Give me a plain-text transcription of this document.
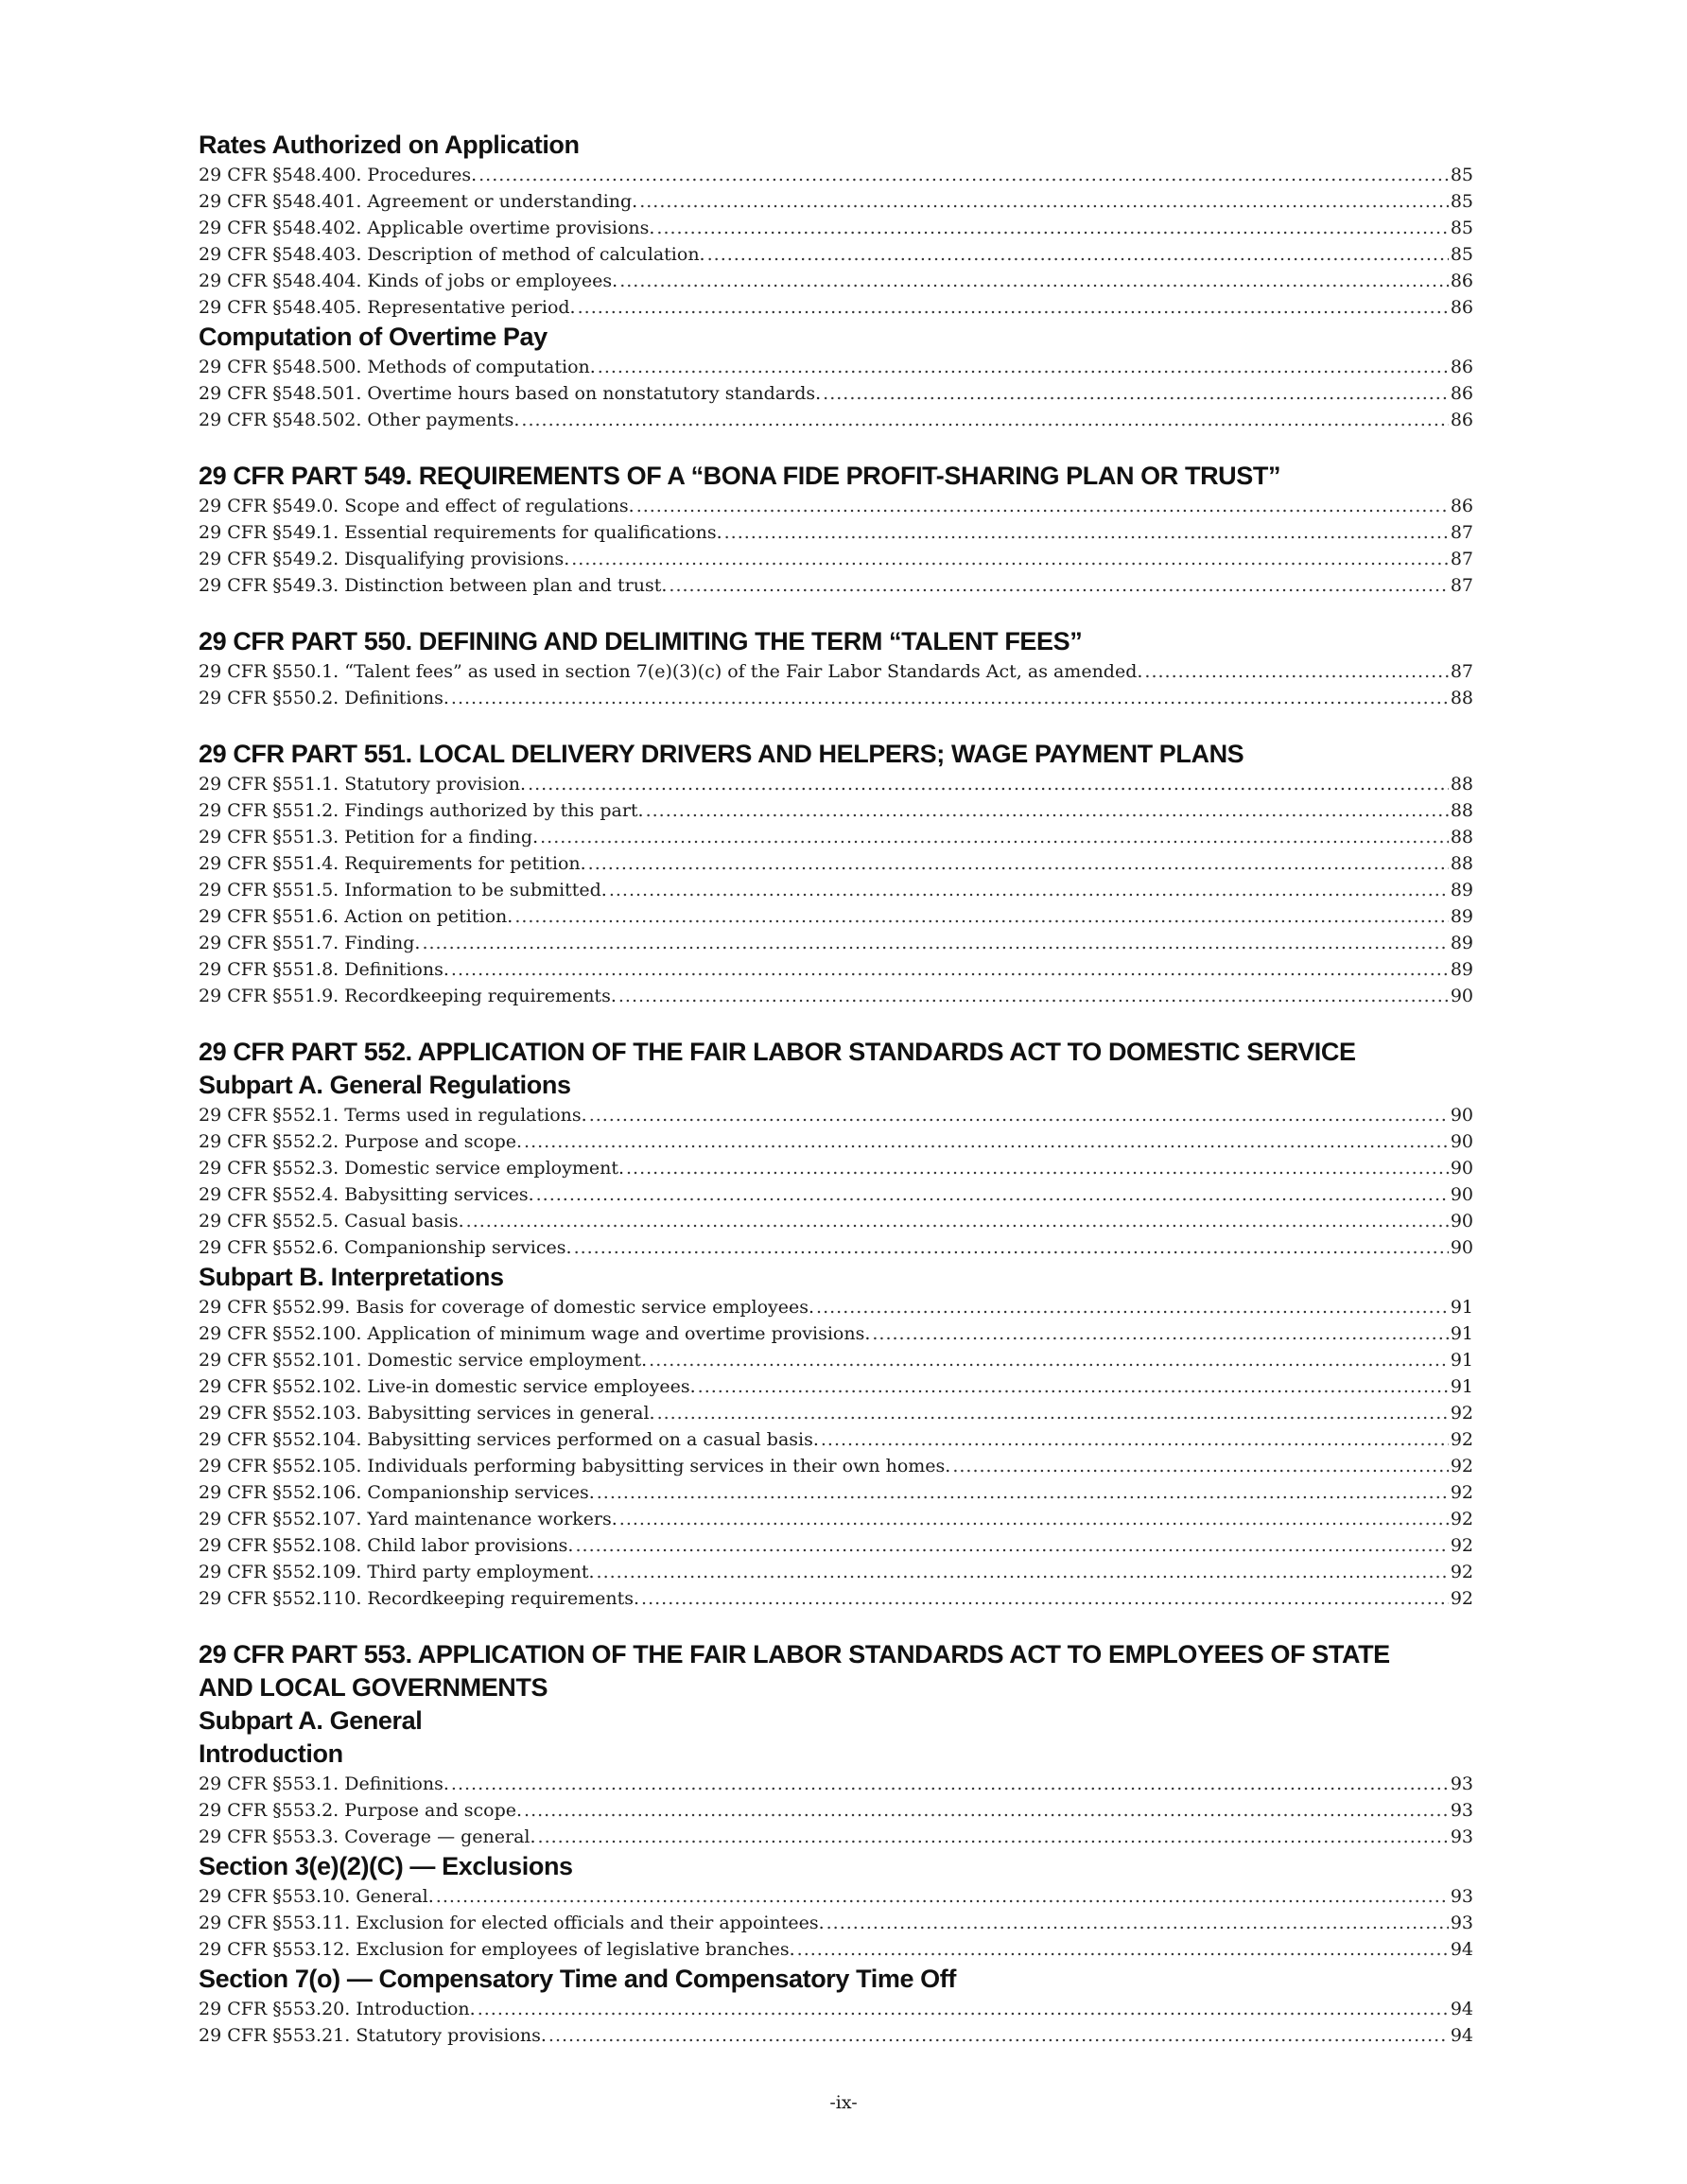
Rates Authorized on Application
29 CFR §548.400. Procedures. .....	85
29 CFR §548.401. Agreement or understanding. .....	85
29 CFR §548.402. Applicable overtime provisions. .....	85
29 CFR §548.403. Description of method of calculation. .....	85
29 CFR §548.404. Kinds of jobs or employees. .....	86
29 CFR §548.405. Representative period. .....	86
Computation of Overtime Pay
29 CFR §548.500. Methods of computation. .....	86
29 CFR §548.501. Overtime hours based on nonstatutory standards. .....	86
29 CFR §548.502. Other payments. .....	86
29 CFR PART 549. REQUIREMENTS OF A “BONA FIDE PROFIT-SHARING PLAN OR TRUST”
29 CFR §549.0. Scope and effect of regulations. .....	86
29 CFR §549.1. Essential requirements for qualifications. .....	87
29 CFR §549.2. Disqualifying provisions. .....	87
29 CFR §549.3. Distinction between plan and trust. .....	87
29 CFR PART 550. DEFINING AND DELIMITING THE TERM “TALENT FEES”
29 CFR §550.1. “Talent fees” as used in section 7(e)(3)(c) of the Fair Labor Standards Act, as amended. .....	87
29 CFR §550.2. Definitions. .....	88
29 CFR PART 551. LOCAL DELIVERY DRIVERS AND HELPERS; WAGE PAYMENT PLANS
29 CFR §551.1. Statutory provision. .....	88
29 CFR §551.2. Findings authorized by this part. .....	88
29 CFR §551.3. Petition for a finding. .....	88
29 CFR §551.4. Requirements for petition. .....	88
29 CFR §551.5. Information to be submitted. .....	89
29 CFR §551.6. Action on petition. .....	89
29 CFR §551.7. Finding. .....	89
29 CFR §551.8. Definitions. .....	89
29 CFR §551.9. Recordkeeping requirements. .....	90
29 CFR PART 552. APPLICATION OF THE FAIR LABOR STANDARDS ACT TO DOMESTIC SERVICE
Subpart A. General Regulations
29 CFR §552.1. Terms used in regulations. .....	90
29 CFR §552.2. Purpose and scope. .....	90
29 CFR §552.3. Domestic service employment. .....	90
29 CFR §552.4. Babysitting services. .....	90
29 CFR §552.5. Casual basis. .....	90
29 CFR §552.6. Companionship services. .....	90
Subpart B. Interpretations
29 CFR §552.99. Basis for coverage of domestic service employees. .....	91
29 CFR §552.100. Application of minimum wage and overtime provisions. .....	91
29 CFR §552.101. Domestic service employment. .....	91
29 CFR §552.102. Live-in domestic service employees. .....	91
29 CFR §552.103. Babysitting services in general. .....	92
29 CFR §552.104. Babysitting services performed on a casual basis. .....	92
29 CFR §552.105. Individuals performing babysitting services in their own homes. .....	92
29 CFR §552.106. Companionship services. .....	92
29 CFR §552.107. Yard maintenance workers. .....	92
29 CFR §552.108. Child labor provisions. .....	92
29 CFR §552.109. Third party employment. .....	92
29 CFR §552.110. Recordkeeping requirements. .....	92
29 CFR PART 553. APPLICATION OF THE FAIR LABOR STANDARDS ACT TO EMPLOYEES OF STATE
AND LOCAL GOVERNMENTS
Subpart A. General
Introduction
29 CFR §553.1. Definitions. .....	93
29 CFR §553.2. Purpose and scope. .....	93
29 CFR §553.3. Coverage — general. .....	93
Section 3(e)(2)(C) — Exclusions
29 CFR §553.10. General. .....	93
29 CFR §553.11. Exclusion for elected officials and their appointees. .....	93
29 CFR §553.12. Exclusion for employees of legislative branches. .....	94
Section 7(o) — Compensatory Time and Compensatory Time Off
29 CFR §553.20. Introduction. .....	94
29 CFR §553.21. Statutory provisions. .....	94
-ix-
